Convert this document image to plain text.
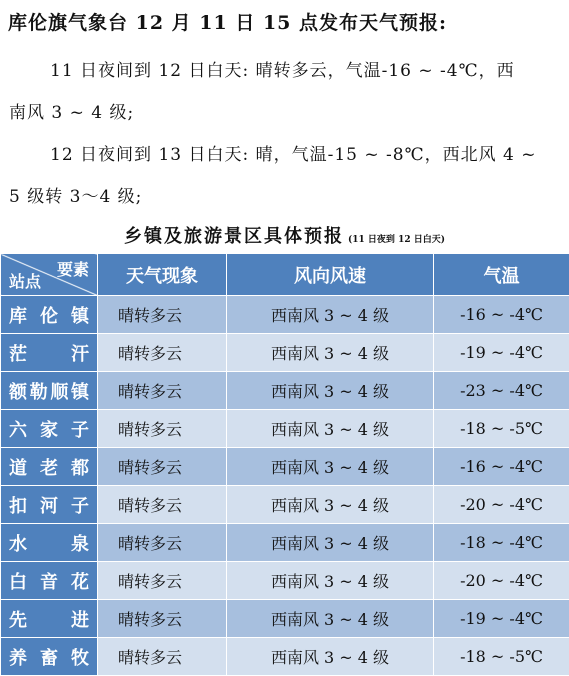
库伦旗气象台 12 月 11 日 15 点发布天气预报:
11 日夜间到 12 日白天: 晴转多云，气温-16 ~ -4℃，西
南风 3 ~ 4 级;
12 日夜间到 13 日白天: 晴，气温-15 ~ -8℃，西北风 4 ~
5 级转 3～4 级;
乡镇及旅游景区具体预报 (11 日夜到 12 日白天)
要素
站点	天气现象	风向风速	气温
库伦镇	晴转多云	西南风 3 ~ 4 级	-16 ~ -4℃
茫汗	晴转多云	西南风 3 ~ 4 级	-19 ~ -4℃
额勒顺镇	晴转多云	西南风 3 ~ 4 级	-23 ~ -4℃
六家子	晴转多云	西南风 3 ~ 4 级	-18 ~ -5℃
道老都	晴转多云	西南风 3 ~ 4 级	-16 ~ -4℃
扣河子	晴转多云	西南风 3 ~ 4 级	-20 ~ -4℃
水泉	晴转多云	西南风 3 ~ 4 级	-18 ~ -4℃
白音花	晴转多云	西南风 3 ~ 4 级	-20 ~ -4℃
先进	晴转多云	西南风 3 ~ 4 级	-19 ~ -4℃
养畜牧	晴转多云	西南风 3 ~ 4 级	-18 ~ -5℃
